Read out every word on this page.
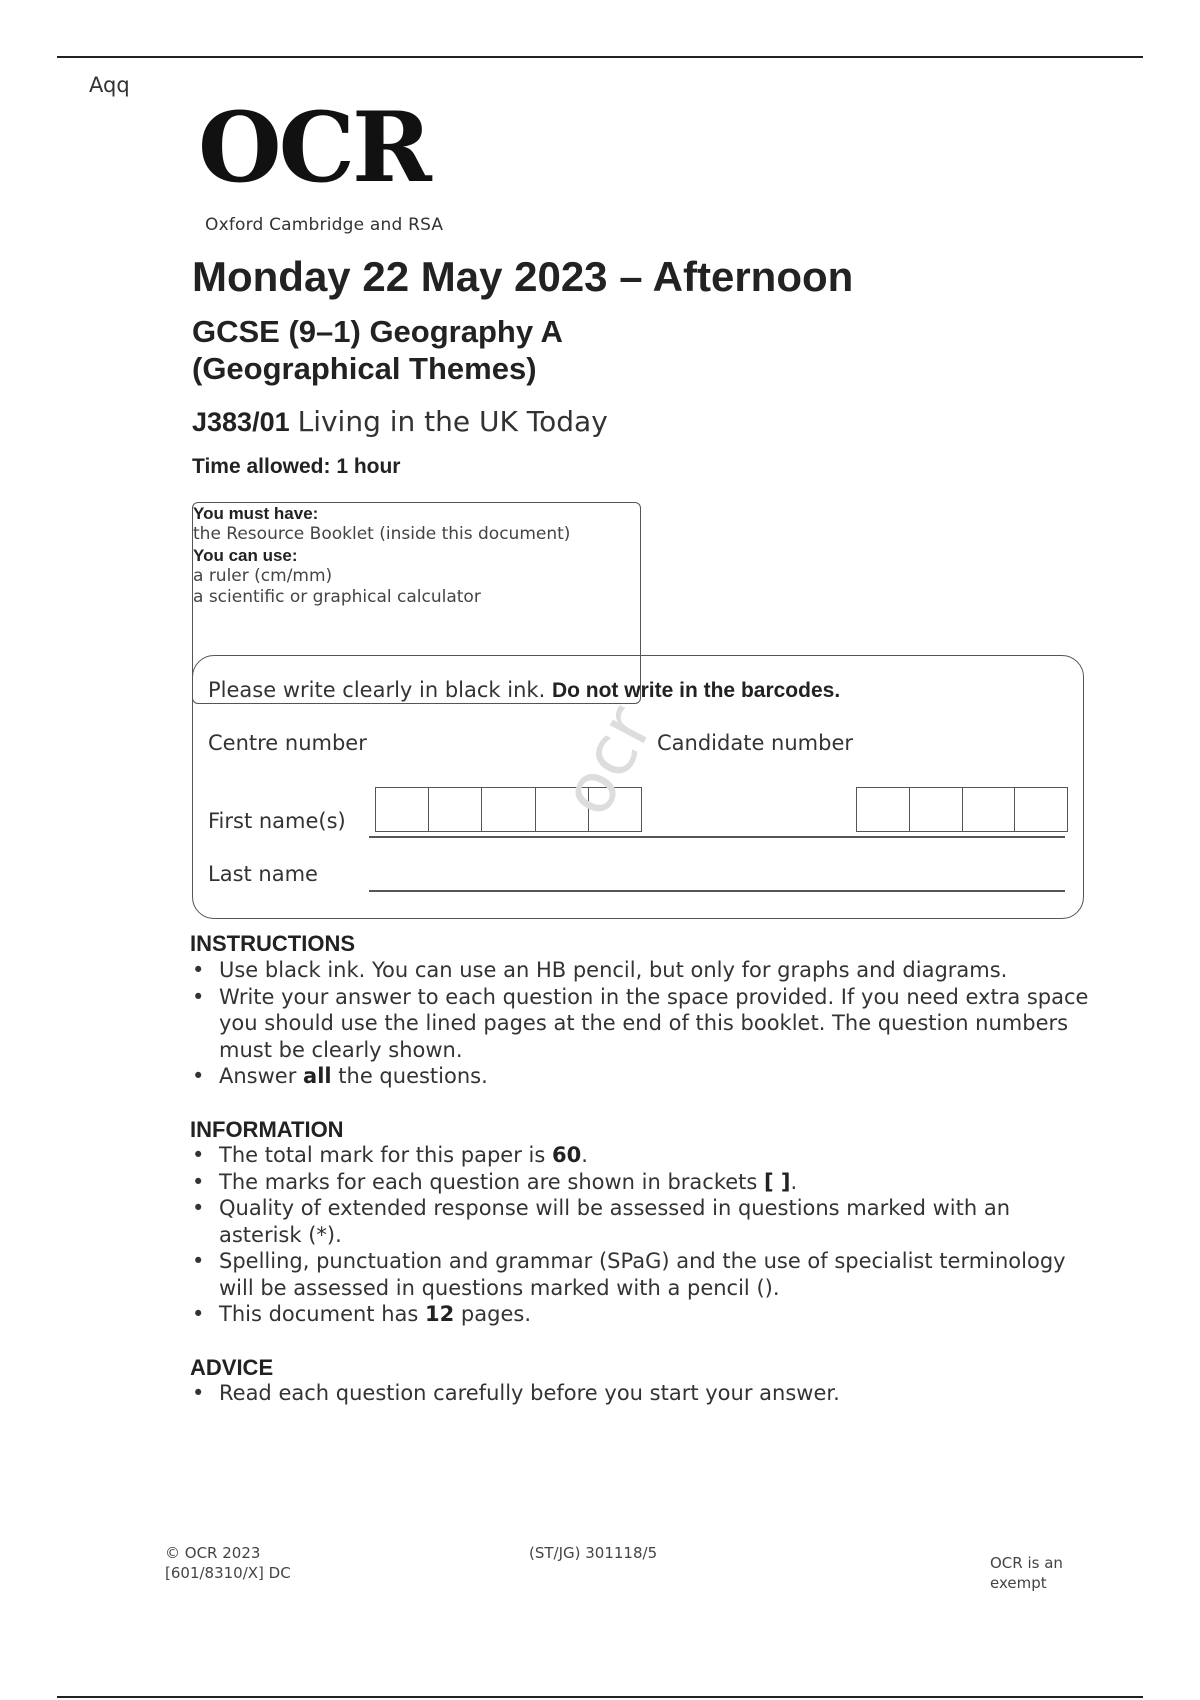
Aqq
OCR
Oxford Cambridge and RSA
Monday 22 May 2023 – Afternoon
GCSE (9–1) Geography A
(Geographical Themes)
J383/01 Living in the UK Today
Time allowed: 1 hour
You must have:
the Resource Booklet (inside this document)
You can use:
a ruler (cm/mm)
a scientific or graphical calculator
Please write clearly in black ink. Do not write in the barcodes.
Centre number	Candidate number
First name(s)
Last name
ocr
INSTRUCTIONS
• Use black ink. You can use an HB pencil, but only for graphs and diagrams.
• Write your answer to each question in the space provided. If you need extra space you should use the lined pages at the end of this booklet. The question numbers must be clearly shown.
• Answer all the questions.
INFORMATION
• The total mark for this paper is 60.
• The marks for each question are shown in brackets [ ].
• Quality of extended response will be assessed in questions marked with an asterisk (*).
• Spelling, punctuation and grammar (SPaG) and the use of specialist terminology will be assessed in questions marked with a pencil ().
• This document has 12 pages.
ADVICE
• Read each question carefully before you start your answer.
© OCR 2023
[601/8310/X] DC
(ST/JG) 301118/5
OCR is an
exempt
